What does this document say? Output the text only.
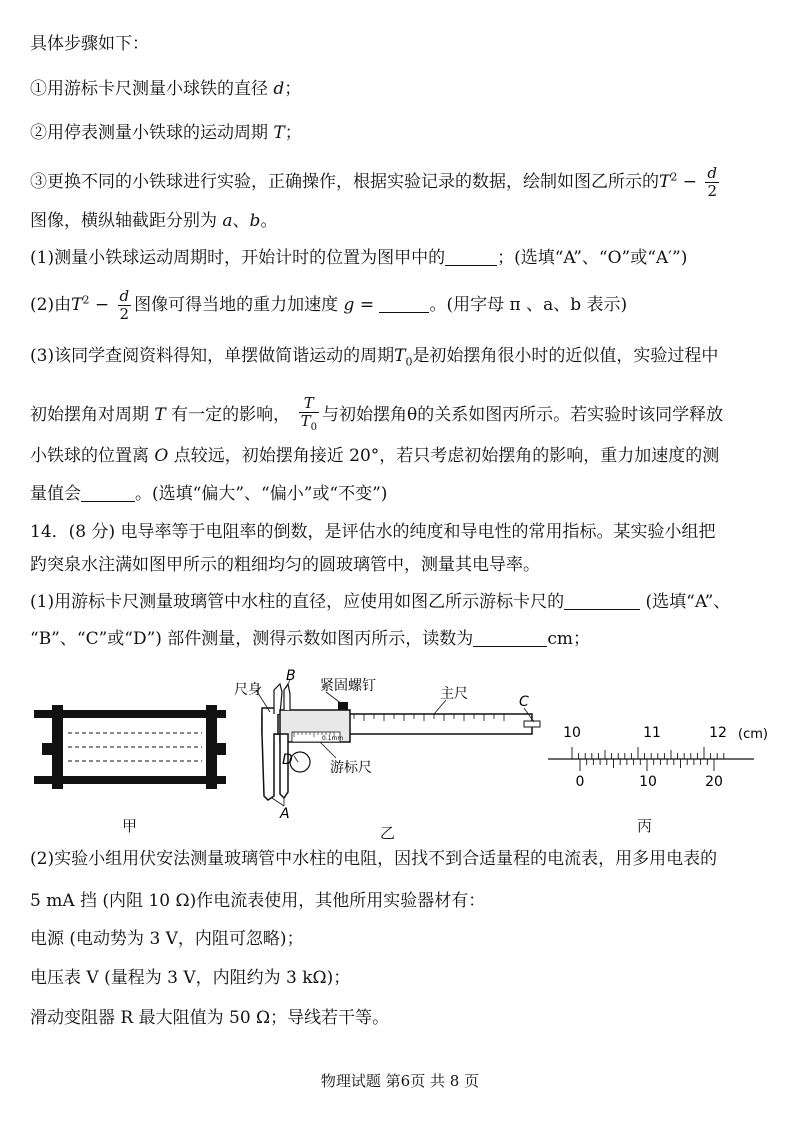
具体步骤如下：
①用游标卡尺测量小球铁的直径 d；
②用停表测量小铁球的运动周期 T；
③更换不同的小铁球进行实验，正确操作，根据实验记录的数据，绘制如图乙所示的$T^2 - \frac{d}{2}$
图像，横纵轴截距分别为 a、b。
(1)测量小铁球运动周期时，开始计时的位置为图甲中的	；(选填“A”、“O”或“A′”)
(2)由$T^2 - \frac{d}{2}$ 图像可得当地的重力加速度 g =	。(用字母 π 、a、b 表示)
(3)该同学查阅资料得知，单摆做简谐运动的周期$T_0$是初始摆角很小时的近似值，实验过程中
初始摆角对周期 T 有一定的影响， $\frac{T}{T_0}$ 与初始摆角θ的关系如图丙所示。若实验时该同学释放
小铁球的位置离 O 点较远，初始摆角接近 20°，若只考虑初始摆角的影响，重力加速度的测
量值会	。(选填“偏大”、“偏小”或“不变”)
14．(8 分) 电导率等于电阻率的倒数，是评估水的纯度和导电性的常用指标。某实验小组把
趵突泉水注满如图甲所示的粗细均匀的圆玻璃管中，测量其电导率。
(1)用游标卡尺测量玻璃管中水柱的直径，应使用如图乙所示游标卡尺的	(选填“A”、
“B”、“C”或“D”) 部件测量，测得示数如图丙所示，读数为	cm；
甲
尺身
B
紧固螺钉	主尺	C
D
A
游标尺
0.1mm
乙
10	11	12 (cm)
0	10	20
丙
(2)实验小组用伏安法测量玻璃管中水柱的电阻，因找不到合适量程的电流表，用多用电表的
5 mA 挡 (内阻 10 Ω)作电流表使用，其他所用实验器材有：
电源 (电动势为 3 V，内阻可忽略)；
电压表 V (量程为 3 V，内阻约为 3 kΩ)；
滑动变阻器 R 最大阻值为 50 Ω；导线若干等。
物理试题 第6页 共 8 页
